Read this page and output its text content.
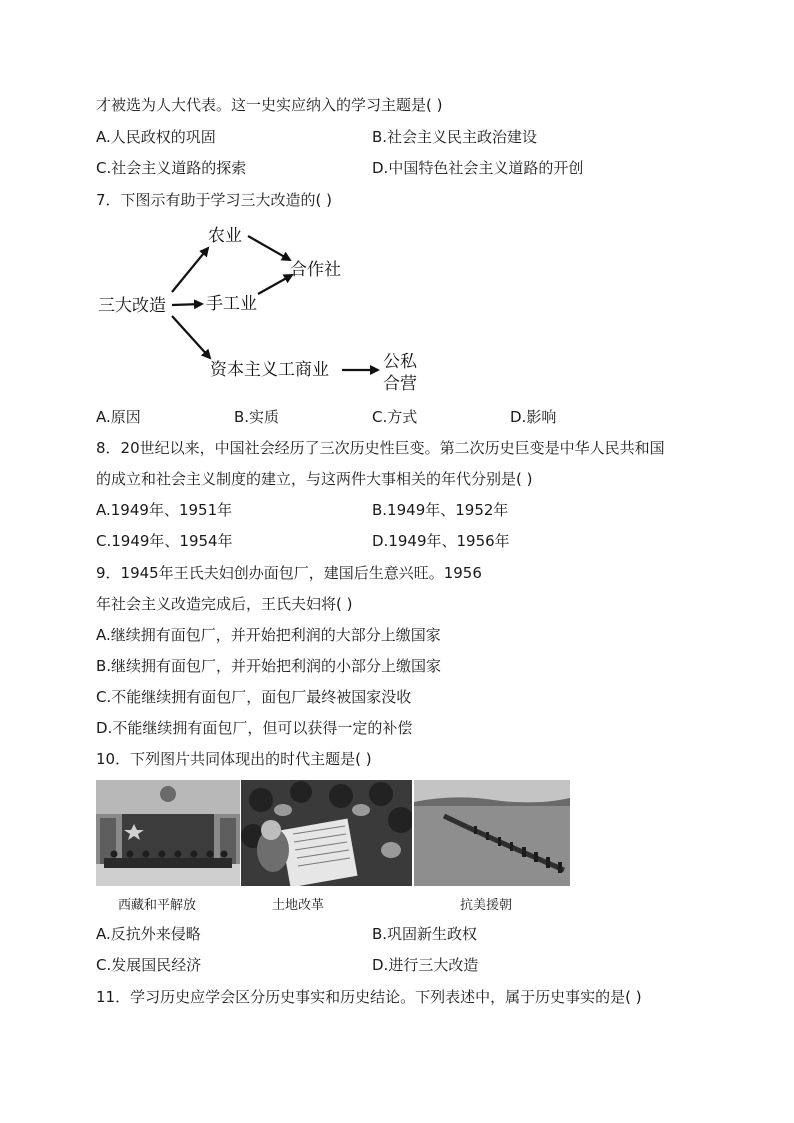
才被选为人大代表。这一史实应纳入的学习主题是( )
A.人民政权的巩固	B.社会主义民主政治建设
C.社会主义道路的探索	D.中国特色社会主义道路的开创
7．下图示有助于学习三大改造的( )
三大改造
农业
手工业
资本主义工商业
合作社
公私
合营
A.原因	B.实质	C.方式	D.影响
8．20世纪以来，中国社会经历了三次历史性巨变。第二次历史巨变是中华人民共和国
的成立和社会主义制度的建立，与这两件大事相关的年代分别是( )
A.1949年、1951年	B.1949年、1952年
C.1949年、1954年	D.1949年、1956年
9．1945年王氏夫妇创办面包厂，建国后生意兴旺。1956
年社会主义改造完成后，王氏夫妇将( )
A.继续拥有面包厂，并开始把利润的大部分上缴国家
B.继续拥有面包厂，并开始把利润的小部分上缴国家
C.不能继续拥有面包厂，面包厂最终被国家没收
D.不能继续拥有面包厂，但可以获得一定的补偿
10．下列图片共同体现出的时代主题是( )
西藏和平解放	土地改革	抗美援朝
A.反抗外来侵略	B.巩固新生政权
C.发展国民经济	D.进行三大改造
11．学习历史应学会区分历史事实和历史结论。下列表述中，属于历史事实的是( )
